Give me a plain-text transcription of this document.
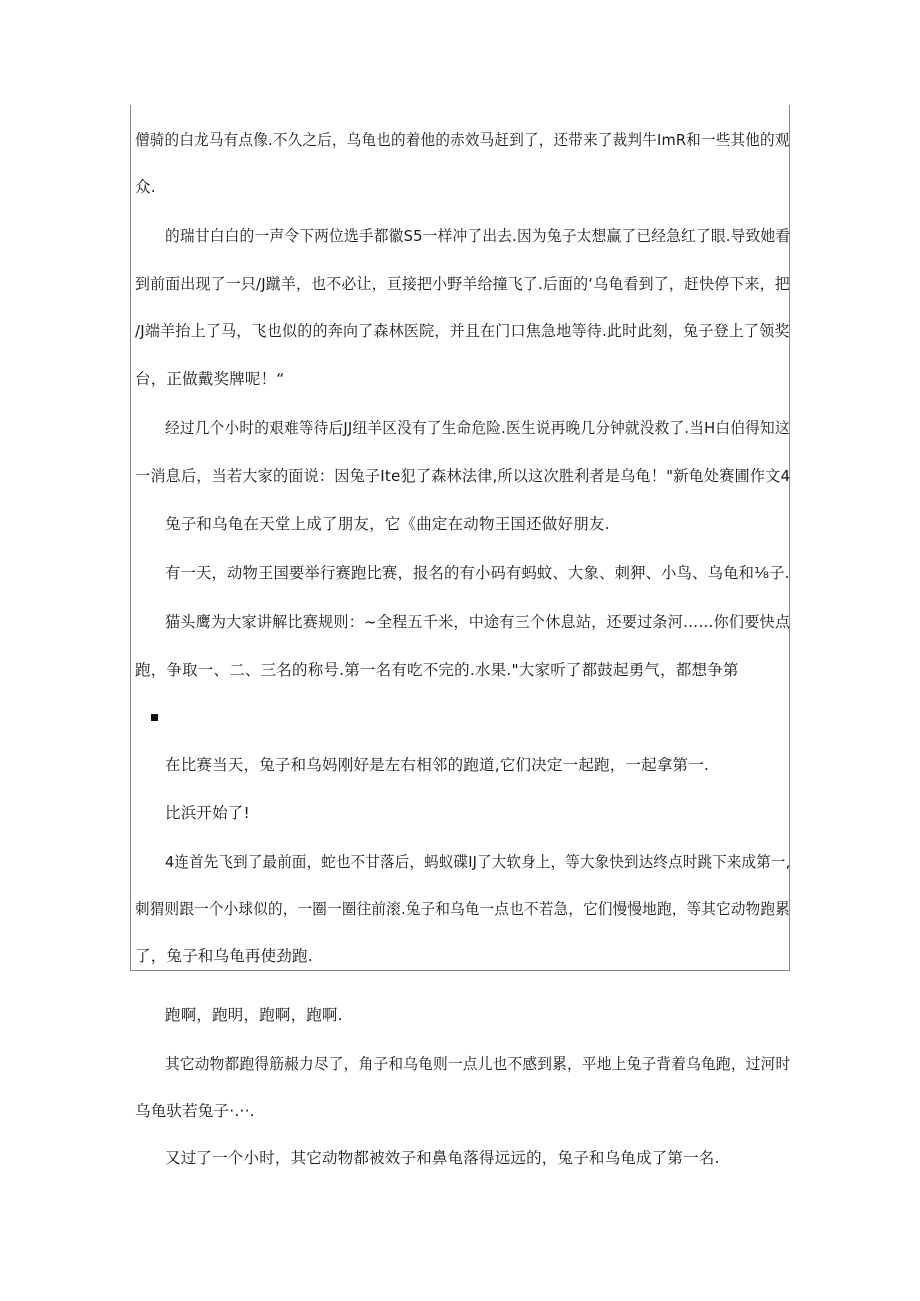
僧骑的白龙马有点像.不久之后，乌龟也的着他的赤效马赶到了，还带来了裁判牛ImR和一些其他的观
众.
的瑞甘白白的一声令下两位选手都徽S5一样冲了出去.因为兔子太想赢了已经急红了眼.导致她看
到前面出现了一只/J蹴羊，也不必让，亘接把小野羊给撞飞了.后面的‘乌龟看到了，赶快停下来，把
/J端羊抬上了马，飞也似的的奔向了森林医院，并且在门口焦急地等待.此时此刻，兔子登上了领奖
台，正做戴奖牌呢！“
经过几个小时的艰难等待后JJ纽羊区没有了生命危险.医生说再晚几分钟就没救了.当H白伯得知这
一消息后，当若大家的面说：因兔子Ite犯了森林法律,所以这次胜利者是乌龟！"新龟处赛圃作文4
兔子和乌龟在天堂上成了朋友，它《曲定在动物王国还做好朋友.
有一天，动物王国要举行赛跑比赛，报名的有小码有蚂蚊、大象、刺狎、小鸟、乌龟和⅛子.
猫头鹰为大家讲解比赛规则：~全程五千米，中途有三个休息站，还要过条河……你们要快点
跑，争取一、二、三名的称号.第一名有吃不完的.水果."大家听了都鼓起勇气，都想争第
在比赛当天，兔子和乌妈刚好是左右相邻的跑道,它们决定一起跑，一起拿第一.
比浜开始了!
4连首先飞到了最前面，蛇也不甘落后，蚂蚁碟IJ了大软身上，等大象快到达终点时跳下来成第一,
刺猬则跟一个小球似的，一圈一圈往前滚.兔子和乌龟一点也不若急，它们慢慢地跑，等其它动物跑累
了，兔子和乌龟再使劲跑.
跑啊，跑明，跑啊，跑啊.
其它动物都跑得筋赧力尽了，角子和乌龟则一点儿也不感到累，平地上兔子背着乌龟跑，过河时
乌龟驮若兔子·.··.
又过了一个小时，其它动物都被效子和鼻龟落得远远的，兔子和乌龟成了第一名.
